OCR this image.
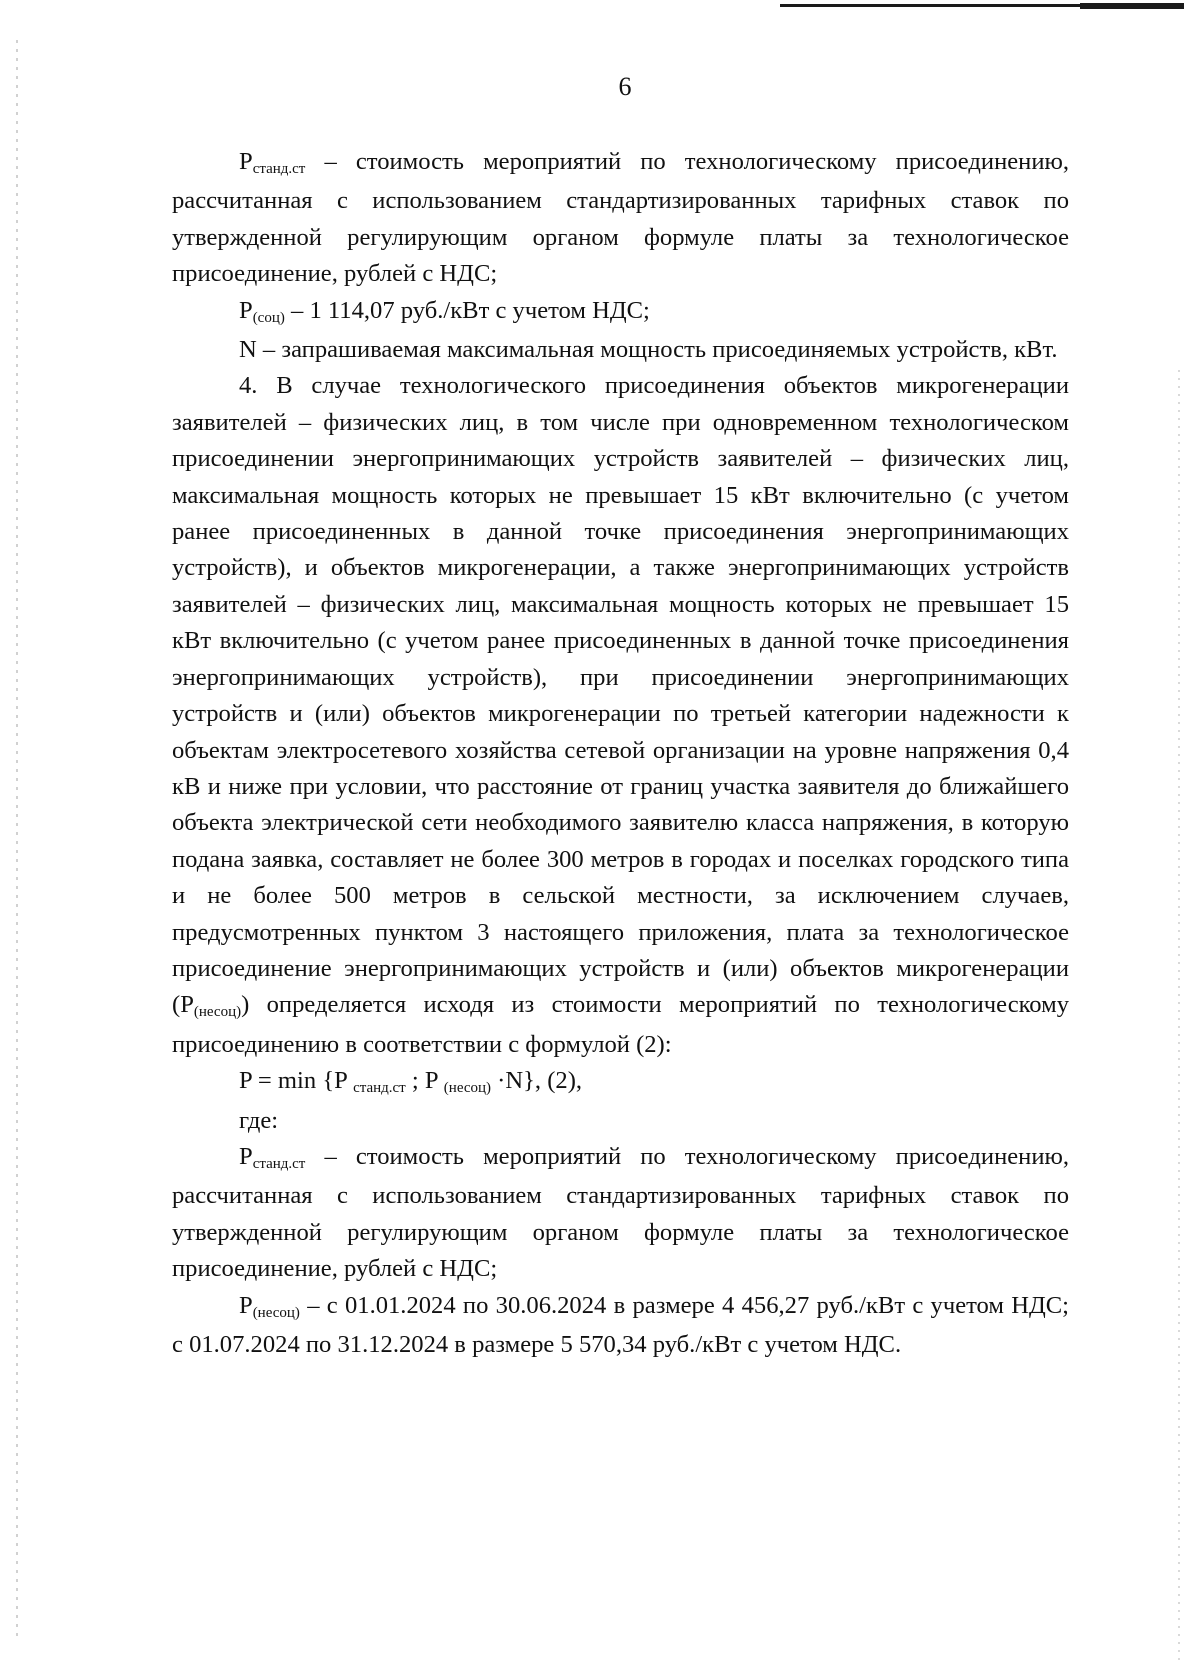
6

Pстанд.ст – стоимость мероприятий по технологическому присоединению, рассчитанная с использованием стандартизированных тарифных ставок по утвержденной регулирующим органом формуле платы за технологическое присоединение, рублей с НДС;

P(соц) – 1 114,07 руб./кВт с учетом НДС;

N – запрашиваемая максимальная мощность присоединяемых устройств, кВт.

4. В случае технологического присоединения объектов микрогенерации заявителей – физических лиц, в том числе при одновременном технологическом присоединении энергопринимающих устройств заявителей – физических лиц, максимальная мощность которых не превышает 15 кВт включительно (с учетом ранее присоединенных в данной точке присоединения энергопринимающих устройств), и объектов микрогенерации, а также энергопринимающих устройств заявителей – физических лиц, максимальная мощность которых не превышает 15 кВт включительно (с учетом ранее присоединенных в данной точке присоединения энергопринимающих устройств), при присоединении энергопринимающих устройств и (или) объектов микрогенерации по третьей категории надежности к объектам электросетевого хозяйства сетевой организации на уровне напряжения 0,4 кВ и ниже при условии, что расстояние от границ участка заявителя до ближайшего объекта электрической сети необходимого заявителю класса напряжения, в которую подана заявка, составляет не более 300 метров в городах и поселках городского типа и не более 500 метров в сельской местности, за исключением случаев, предусмотренных пунктом 3 настоящего приложения, плата за технологическое присоединение энергопринимающих устройств и (или) объектов микрогенерации (P(несоц)) определяется исходя из стоимости мероприятий по технологическому присоединению в соответствии с формулой (2):

P = min {P станд.ст ; P (несоц) ·N}, (2),

где:

Pстанд.ст – стоимость мероприятий по технологическому присоединению, рассчитанная с использованием стандартизированных тарифных ставок по утвержденной регулирующим органом формуле платы за технологическое присоединение, рублей с НДС;

P(несоц) – с 01.01.2024 по 30.06.2024 в размере 4 456,27 руб./кВт с учетом НДС; с 01.07.2024 по 31.12.2024 в размере 5 570,34 руб./кВт с учетом НДС.
